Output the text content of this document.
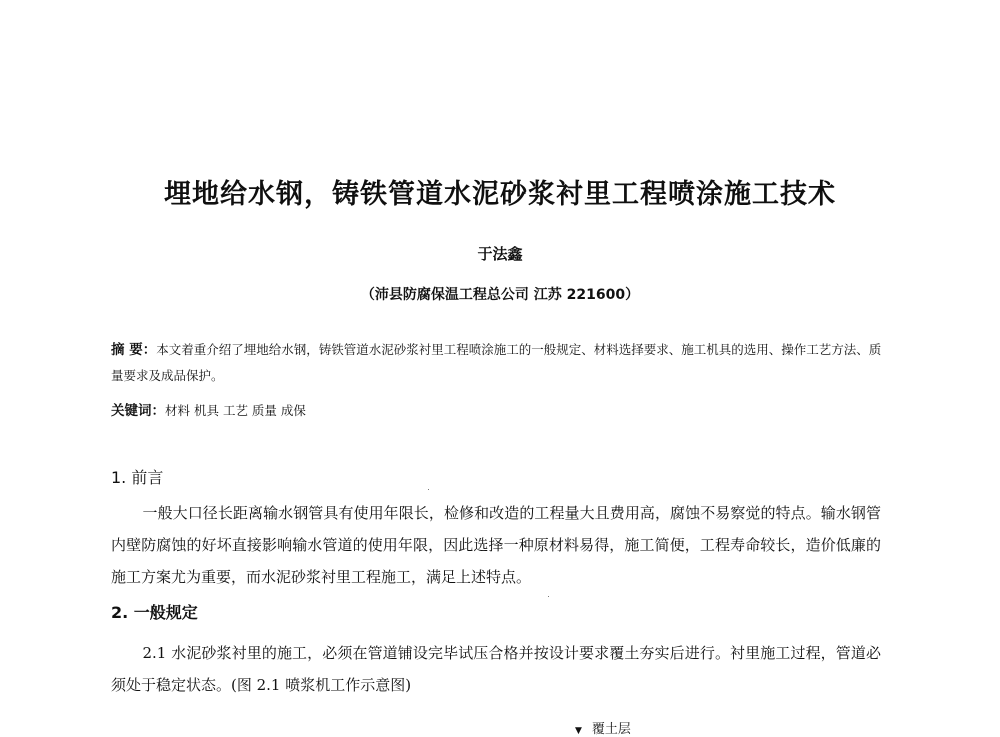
埋地给水钢，铸铁管道水泥砂浆衬里工程喷涂施工技术
于法鑫
（沛县防腐保温工程总公司 江苏 221600）
摘 要：本文着重介绍了埋地给水钢，铸铁管道水泥砂浆衬里工程喷涂施工的一般规定、材料选择要求、施工机具的选用、操作工艺方法、质量要求及成品保护。
关键词：材料 机具 工艺 质量 成保
1. 前言
一般大口径长距离输水钢管具有使用年限长，检修和改造的工程量大且费用高，腐蚀不易察觉的特点。输水钢管内壁防腐蚀的好坏直接影响输水管道的使用年限，因此选择一种原材料易得，施工简便，工程寿命较长，造价低廉的施工方案尤为重要，而水泥砂浆衬里工程施工，满足上述特点。
2. 一般规定
2.1 水泥砂浆衬里的施工，必须在管道铺设完毕试压合格并按设计要求覆土夯实后进行。衬里施工过程，管道必须处于稳定状态。(图 2.1 喷浆机工作示意图)
▼ 覆土层
